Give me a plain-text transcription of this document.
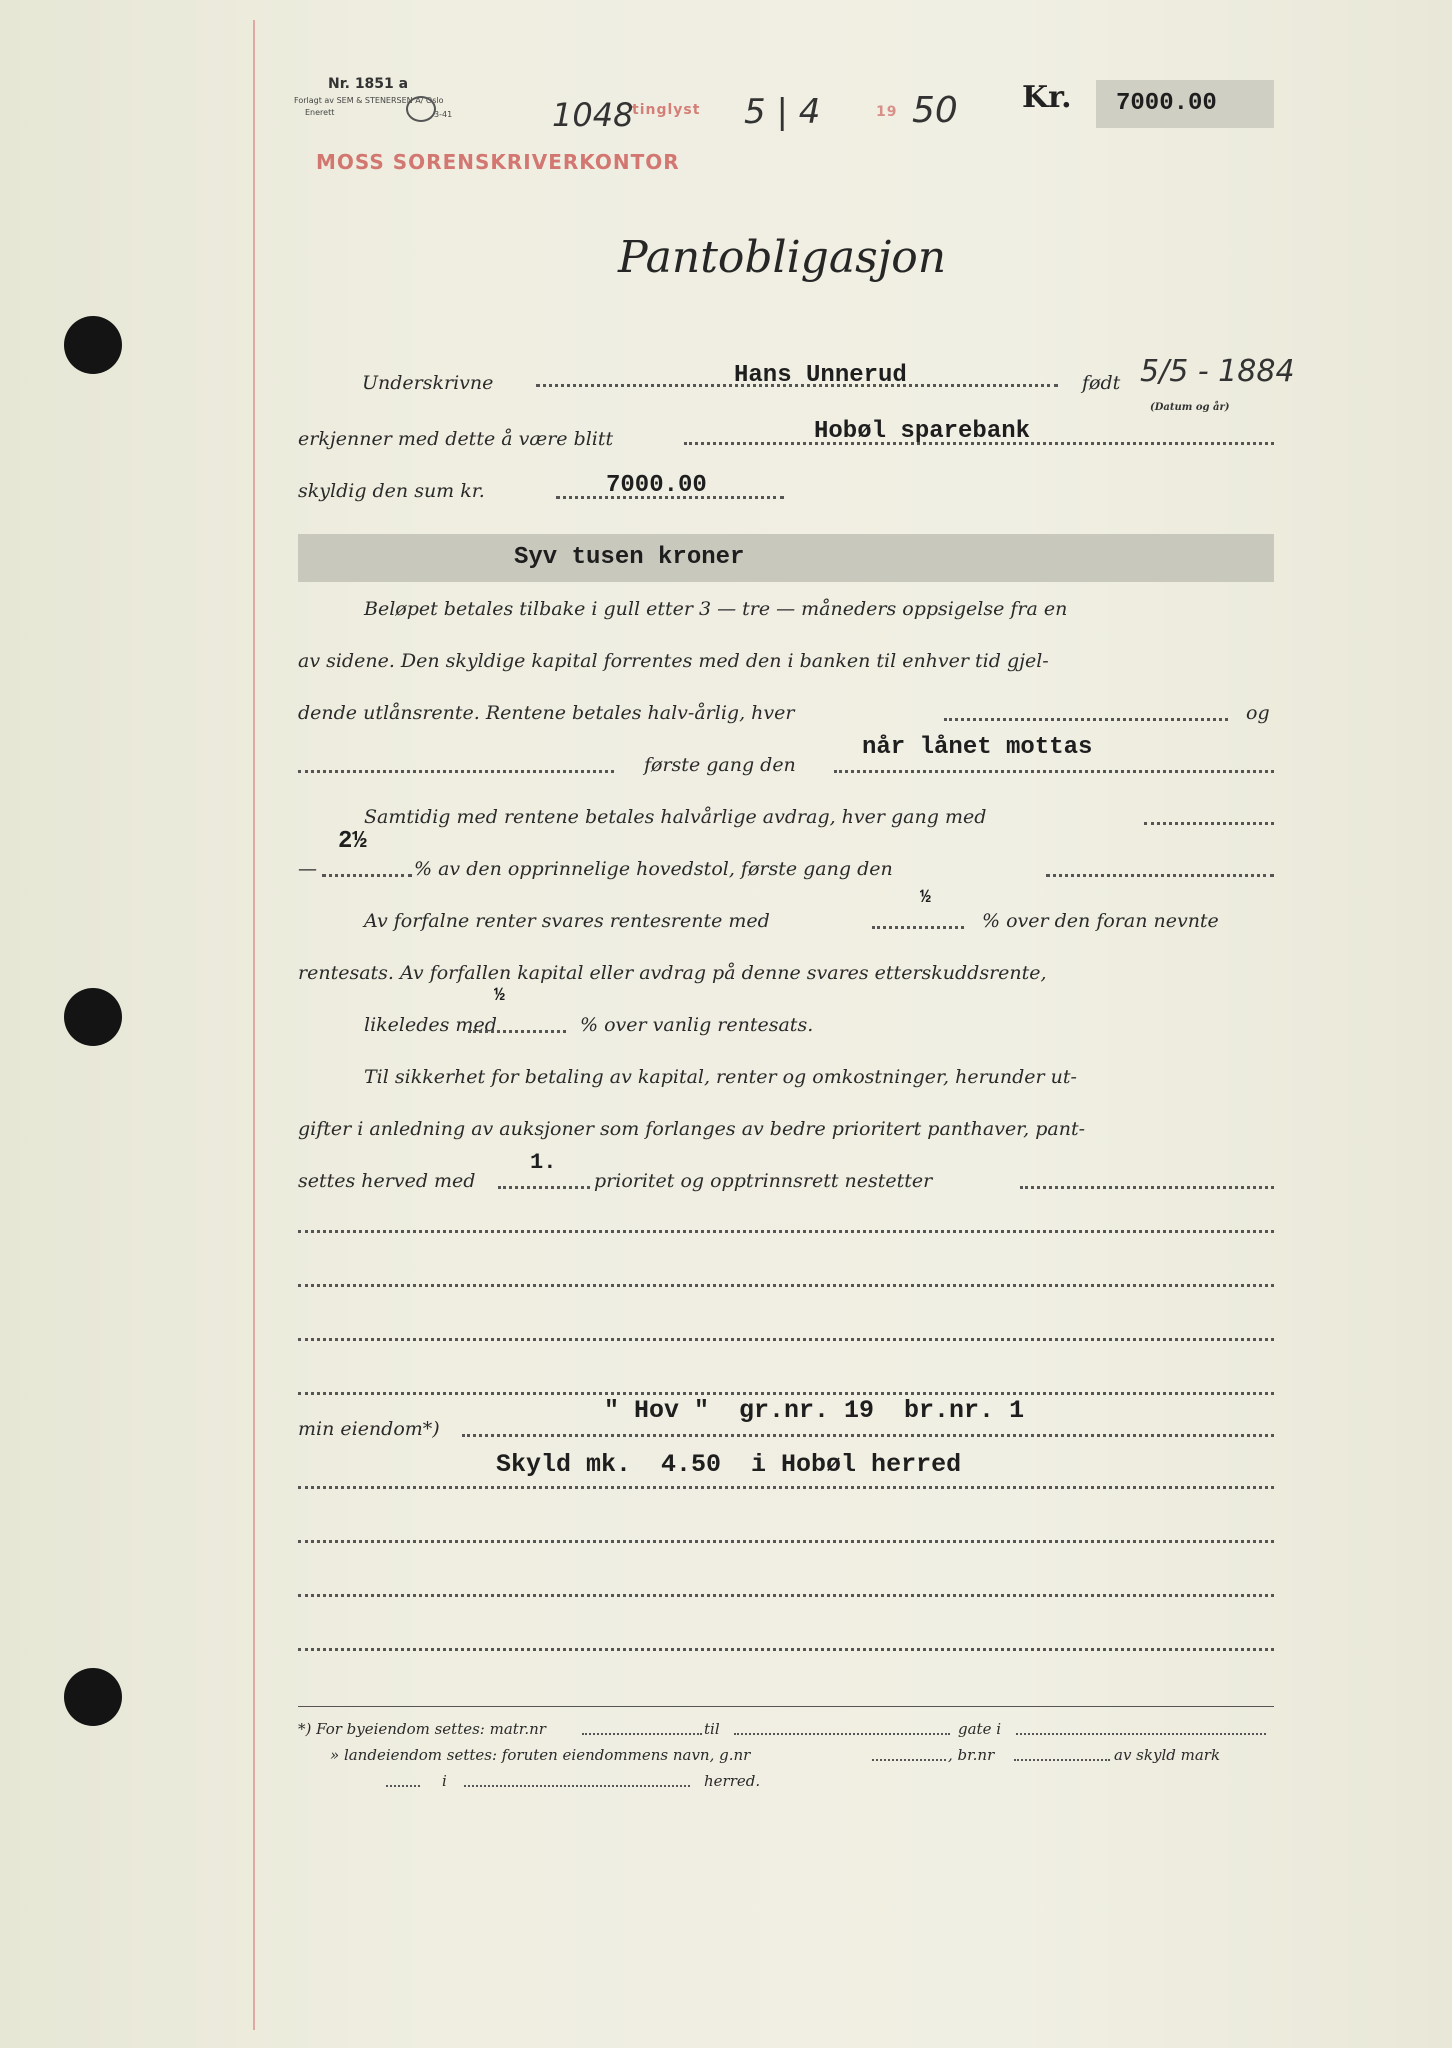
Nr. 1851 a
Forlagt av SEM & STENERSEN A/ Oslo
Enerett	3-41	1048
tinglyst 5 | 4	19 50
MOSS SORENSKRIVERKONTOR
Kr. 7000.00
Pantobligasjon
Underskrivne	Hans Unnerud	født 5/5 - 1884
(Datum og år)
erkjenner med dette å være blitt	Hobøl sparebank
skyldig den sum kr.	7000.00
Syv tusen kroner
Beløpet betales tilbake i gull etter 3 — tre — måneders oppsigelse fra en
av sidene. Den skyldige kapital forrentes med den i banken til enhver tid gjel-
dende utlånsrente. Rentene betales halv-årlig, hver	og
første gang den
når lånet mottas
Samtidig med rentene betales halvårlige avdrag, hver gang med
2½
—	% av den opprinnelige hovedstol, første gang den
Av forfalne renter svares rentesrente med
½
% over den foran nevnte
rentesats. Av forfallen kapital eller avdrag på denne svares etterskuddsrente,
likeledes med
½
% over vanlig rentesats.
Til sikkerhet for betaling av kapital, renter og omkostninger, herunder ut-
gifter i anledning av auksjoner som forlanges av bedre prioritert panthaver, pant-
settes herved med
1.
prioritet og opptrinnsrett nestetter
min eiendom*)
" Hov "  gr.nr. 19  br.nr. 1
Skyld mk.  4.50  i Hobøl herred
*) For byeiendom settes: matr.nr	til	gate i
» landeiendom settes: foruten eiendommens navn, g.nr	, br.nr	av skyld mark
i	herred.
